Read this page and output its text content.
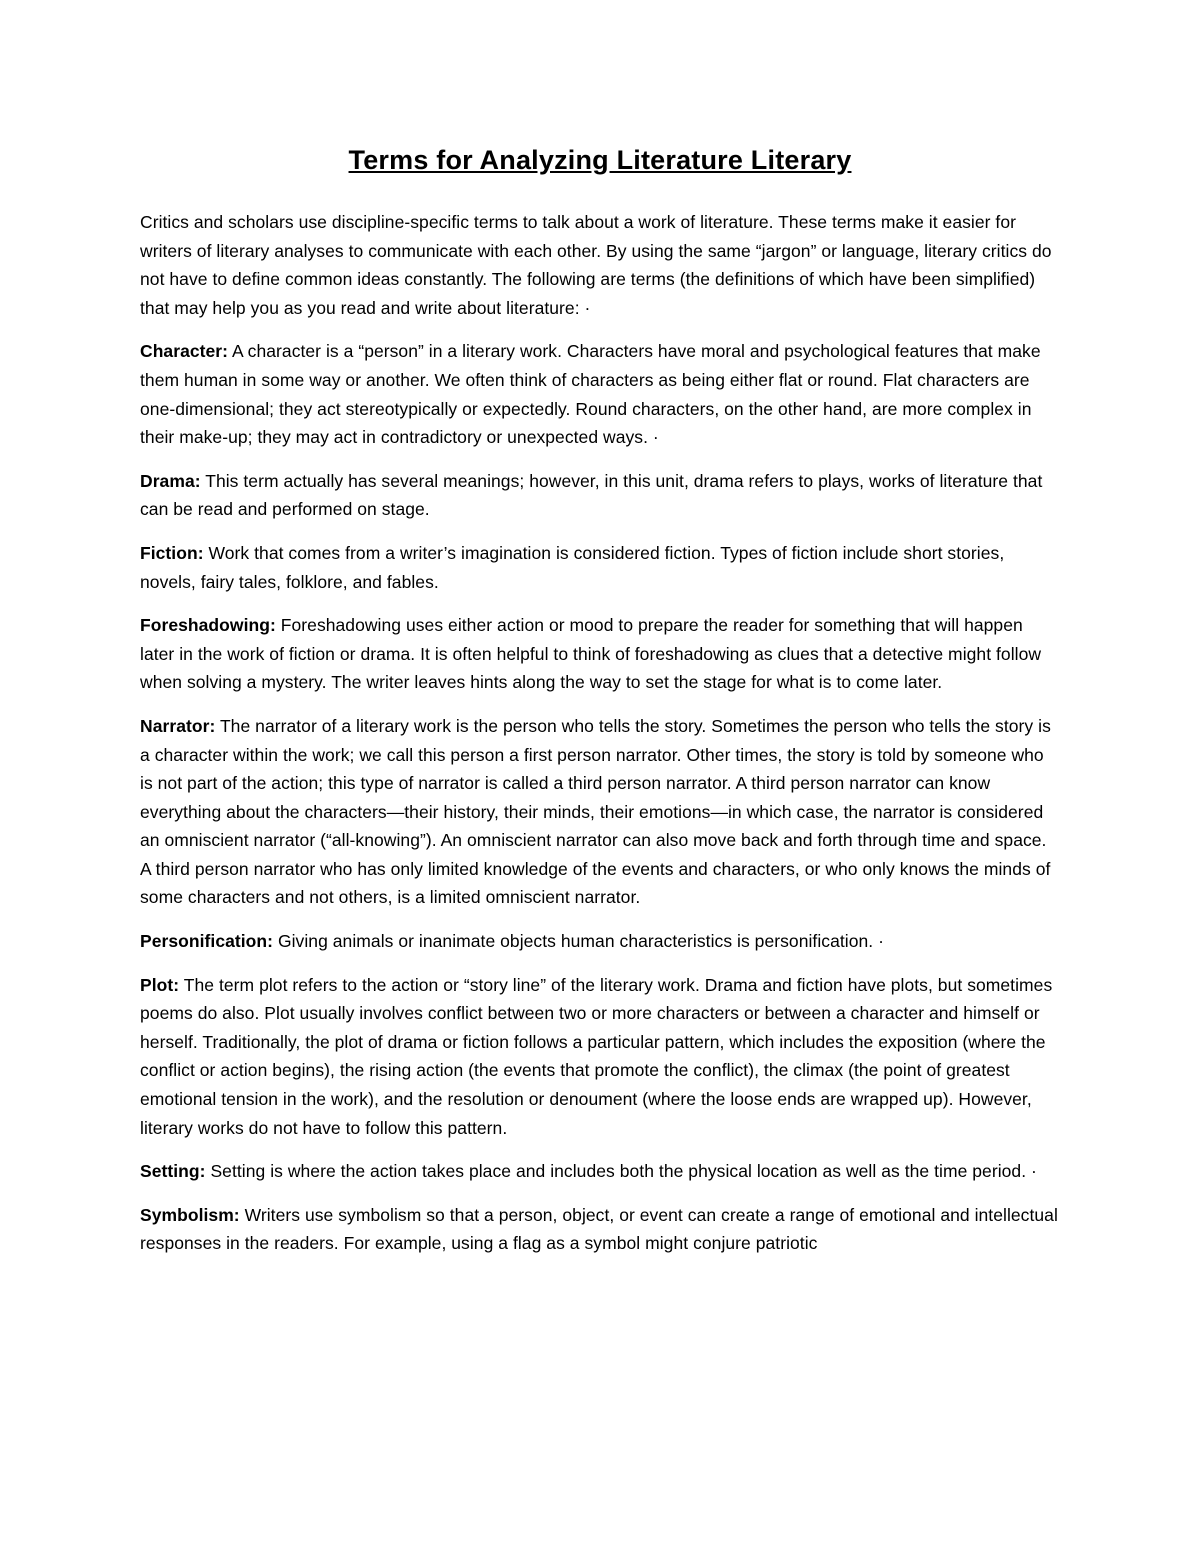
Terms for Analyzing Literature Literary

Critics and scholars use discipline-specific terms to talk about a work of literature. These terms make it easier for writers of literary analyses to communicate with each other. By using the same “jargon” or language, literary critics do not have to define common ideas constantly. The following are terms (the definitions of which have been simplified) that may help you as you read and write about literature: ·

Character: A character is a “person” in a literary work. Characters have moral and psychological features that make them human in some way or another. We often think of characters as being either flat or round. Flat characters are one-dimensional; they act stereotypically or expectedly. Round characters, on the other hand, are more complex in their make-up; they may act in contradictory or unexpected ways. ·

Drama: This term actually has several meanings; however, in this unit, drama refers to plays, works of literature that can be read and performed on stage.

Fiction: Work that comes from a writer’s imagination is considered fiction. Types of fiction include short stories, novels, fairy tales, folklore, and fables.

Foreshadowing: Foreshadowing uses either action or mood to prepare the reader for something that will happen later in the work of fiction or drama. It is often helpful to think of foreshadowing as clues that a detective might follow when solving a mystery. The writer leaves hints along the way to set the stage for what is to come later.

Narrator: The narrator of a literary work is the person who tells the story. Sometimes the person who tells the story is a character within the work; we call this person a first person narrator. Other times, the story is told by someone who is not part of the action; this type of narrator is called a third person narrator. A third person narrator can know everything about the characters—their history, their minds, their emotions—in which case, the narrator is considered an omniscient narrator (“all-knowing”). An omniscient narrator can also move back and forth through time and space. A third person narrator who has only limited knowledge of the events and characters, or who only knows the minds of some characters and not others, is a limited omniscient narrator.

Personification: Giving animals or inanimate objects human characteristics is personification. ·

Plot: The term plot refers to the action or “story line” of the literary work. Drama and fiction have plots, but sometimes poems do also. Plot usually involves conflict between two or more characters or between a character and himself or herself. Traditionally, the plot of drama or fiction follows a particular pattern, which includes the exposition (where the conflict or action begins), the rising action (the events that promote the conflict), the climax (the point of greatest emotional tension in the work), and the resolution or denoument (where the loose ends are wrapped up). However, literary works do not have to follow this pattern.

Setting: Setting is where the action takes place and includes both the physical location as well as the time period. ·

Symbolism: Writers use symbolism so that a person, object, or event can create a range of emotional and intellectual responses in the readers. For example, using a flag as a symbol might conjure patriotic
